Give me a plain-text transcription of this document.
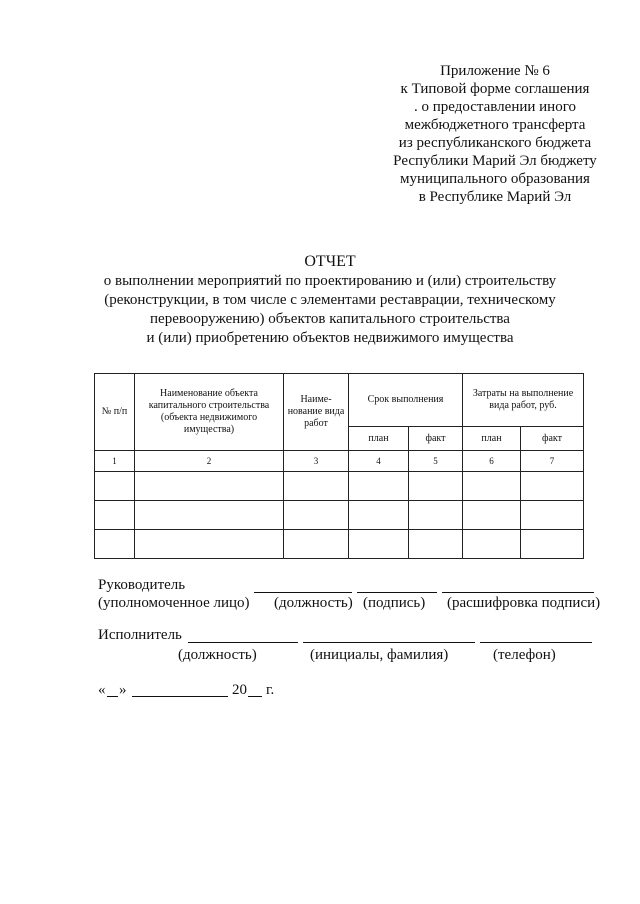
Приложение № 6
к Типовой форме соглашения
. о предоставлении иного
межбюджетного трансферта
из республиканского бюджета
Республики Марий Эл бюджету
муниципального образования
в Республике Марий Эл
ОТЧЕТ
о выполнении мероприятий по проектированию и (или) строительству
(реконструкции, в том числе с элементами реставрации, техническому
перевооружению) объектов капитального строительства
и (или) приобретению объектов недвижимого имущества
№ п/п	Наименование объекта капитального строительства (объекта недвижимого имущества)	Наиме-нование вида работ	Срок выполнения		Затраты на выполнение вида работ, руб.	
			план	факт	план	факт
1	2	3	4	5	6	7

Руководитель
(уполномоченное лицо) (должность) (подпись) (расшифровка подписи)
Исполнитель
(должность)	(инициалы, фамилия)	(телефон)
« »	20 г.
